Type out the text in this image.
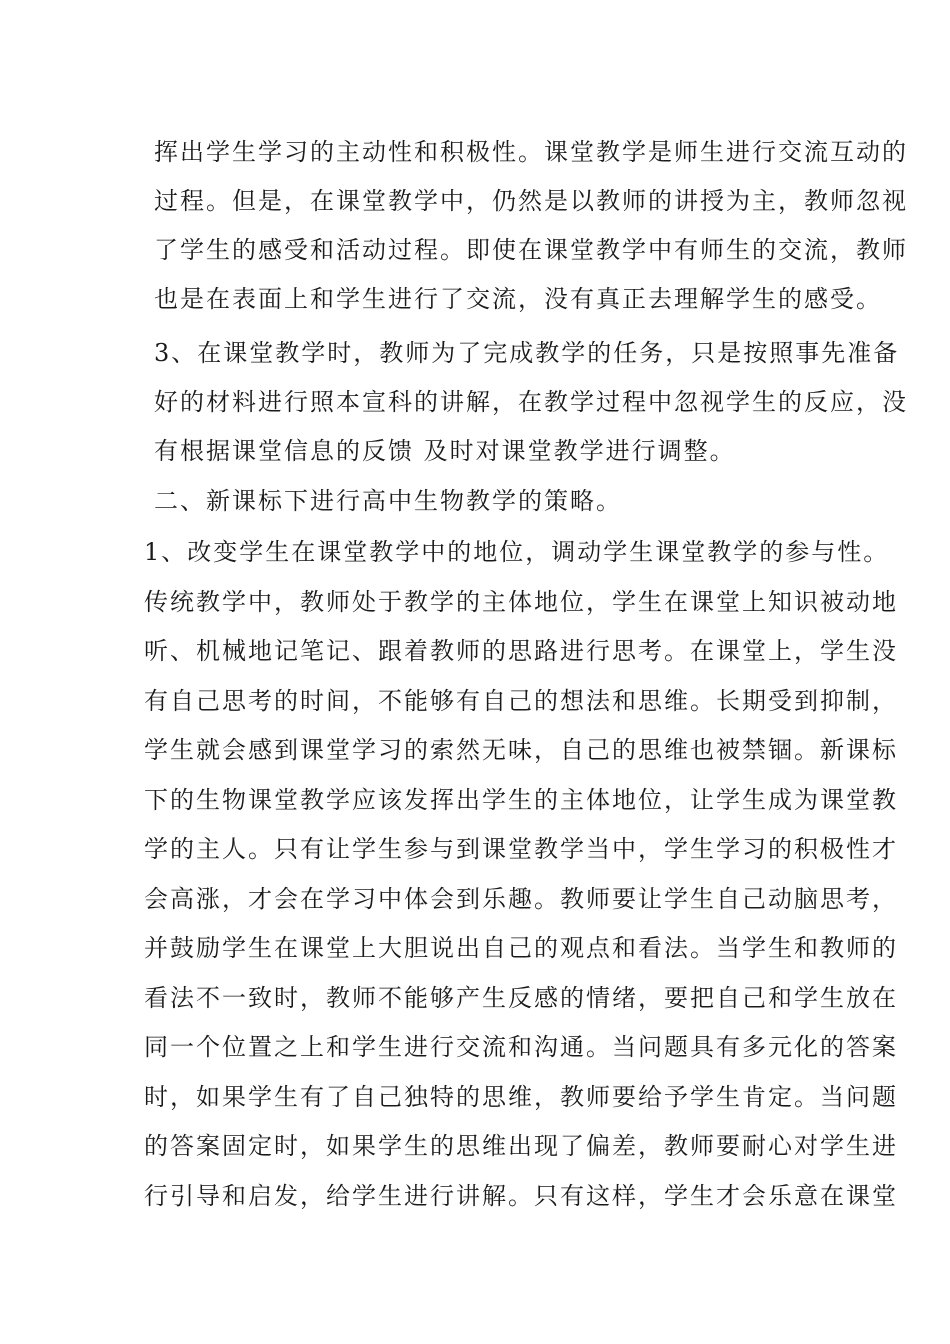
挥出学生学习的主动性和积极性。课堂教学是师生进行交流互动的
过程。但是，在课堂教学中，仍然是以教师的讲授为主，教师忽视
了学生的感受和活动过程。即使在课堂教学中有师生的交流，教师
也是在表面上和学生进行了交流，没有真正去理解学生的感受。
3、在课堂教学时，教师为了完成教学的任务，只是按照事先准备
好的材料进行照本宣科的讲解，在教学过程中忽视学生的反应，没
有根据课堂信息的反馈 及时对课堂教学进行调整。
二、新课标下进行高中生物教学的策略。
1、改变学生在课堂教学中的地位，调动学生课堂教学的参与性。
传统教学中，教师处于教学的主体地位，学生在课堂上知识被动地
听、机械地记笔记、跟着教师的思路进行思考。在课堂上，学生没
有自己思考的时间，不能够有自己的想法和思维。长期受到抑制，
学生就会感到课堂学习的索然无味，自己的思维也被禁锢。新课标
下的生物课堂教学应该发挥出学生的主体地位，让学生成为课堂教
学的主人。只有让学生参与到课堂教学当中，学生学习的积极性才
会高涨，才会在学习中体会到乐趣。教师要让学生自己动脑思考，
并鼓励学生在课堂上大胆说出自己的观点和看法。当学生和教师的
看法不一致时，教师不能够产生反感的情绪，要把自己和学生放在
同一个位置之上和学生进行交流和沟通。当问题具有多元化的答案
时，如果学生有了自己独特的思维，教师要给予学生肯定。当问题
的答案固定时，如果学生的思维出现了偏差，教师要耐心对学生进
行引导和启发，给学生进行讲解。只有这样，学生才会乐意在课堂
